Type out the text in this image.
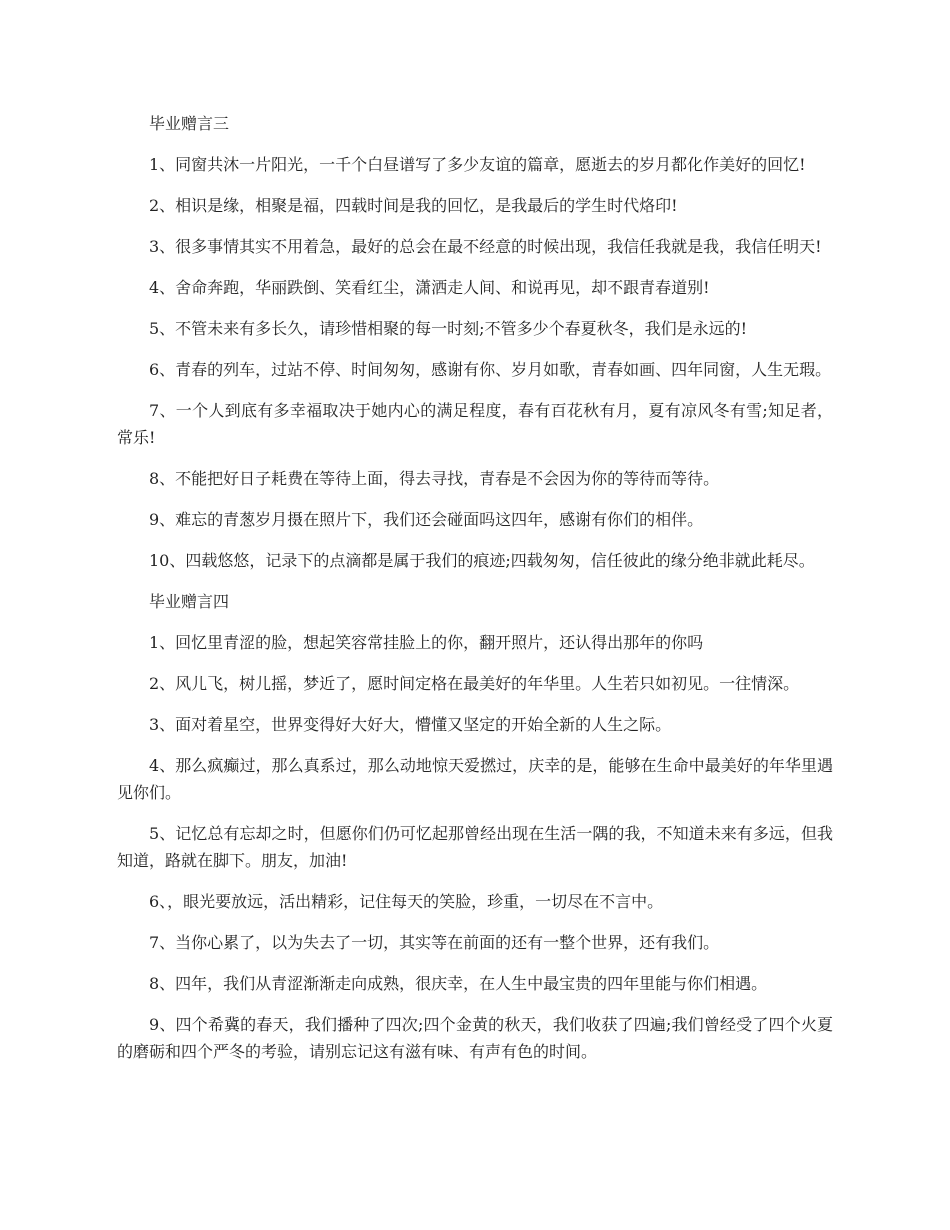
毕业赠言三

1、同窗共沐一片阳光，一千个白昼谱写了多少友谊的篇章，愿逝去的岁月都化作美好的回忆!

2、相识是缘，相聚是福，四载时间是我的回忆，是我最后的学生时代烙印!

3、很多事情其实不用着急，最好的总会在最不经意的时候出现，我信任我就是我，我信任明天!

4、舍命奔跑，华丽跌倒、笑看红尘，潇洒走人间、和说再见，却不跟青春道别!

5、不管未来有多长久，请珍惜相聚的每一时刻;不管多少个春夏秋冬，我们是永远的!

6、青春的列车，过站不停、时间匆匆，感谢有你、岁月如歌，青春如画、四年同窗，人生无瑕。

7、一个人到底有多幸福取决于她内心的满足程度，春有百花秋有月，夏有凉风冬有雪;知足者，常乐!

8、不能把好日子耗费在等待上面，得去寻找，青春是不会因为你的等待而等待。

9、难忘的青葱岁月摄在照片下，我们还会碰面吗这四年，感谢有你们的相伴。

10、四载悠悠，记录下的点滴都是属于我们的痕迹;四载匆匆，信任彼此的缘分绝非就此耗尽。

毕业赠言四

1、回忆里青涩的脸，想起笑容常挂脸上的你，翻开照片，还认得出那年的你吗

2、风儿飞，树儿摇，梦近了，愿时间定格在最美好的年华里。人生若只如初见。一往情深。

3、面对着星空，世界变得好大好大，懵懂又坚定的开始全新的人生之际。

4、那么疯癫过，那么真系过，那么动地惊天爱撚过，庆幸的是，能够在生命中最美好的年华里遇见你们。

5、记忆总有忘却之时，但愿你们仍可忆起那曾经出现在生活一隅的我，不知道未来有多远，但我知道，路就在脚下。朋友，加油!

6、，眼光要放远，活出精彩，记住每天的笑脸，珍重，一切尽在不言中。

7、当你心累了，以为失去了一切，其实等在前面的还有一整个世界，还有我们。

8、四年，我们从青涩渐渐走向成熟，很庆幸，在人生中最宝贵的四年里能与你们相遇。

9、四个希冀的春天，我们播种了四次;四个金黄的秋天，我们收获了四遍;我们曾经受了四个火夏的磨砺和四个严冬的考验，请别忘记这有滋有味、有声有色的时间。
